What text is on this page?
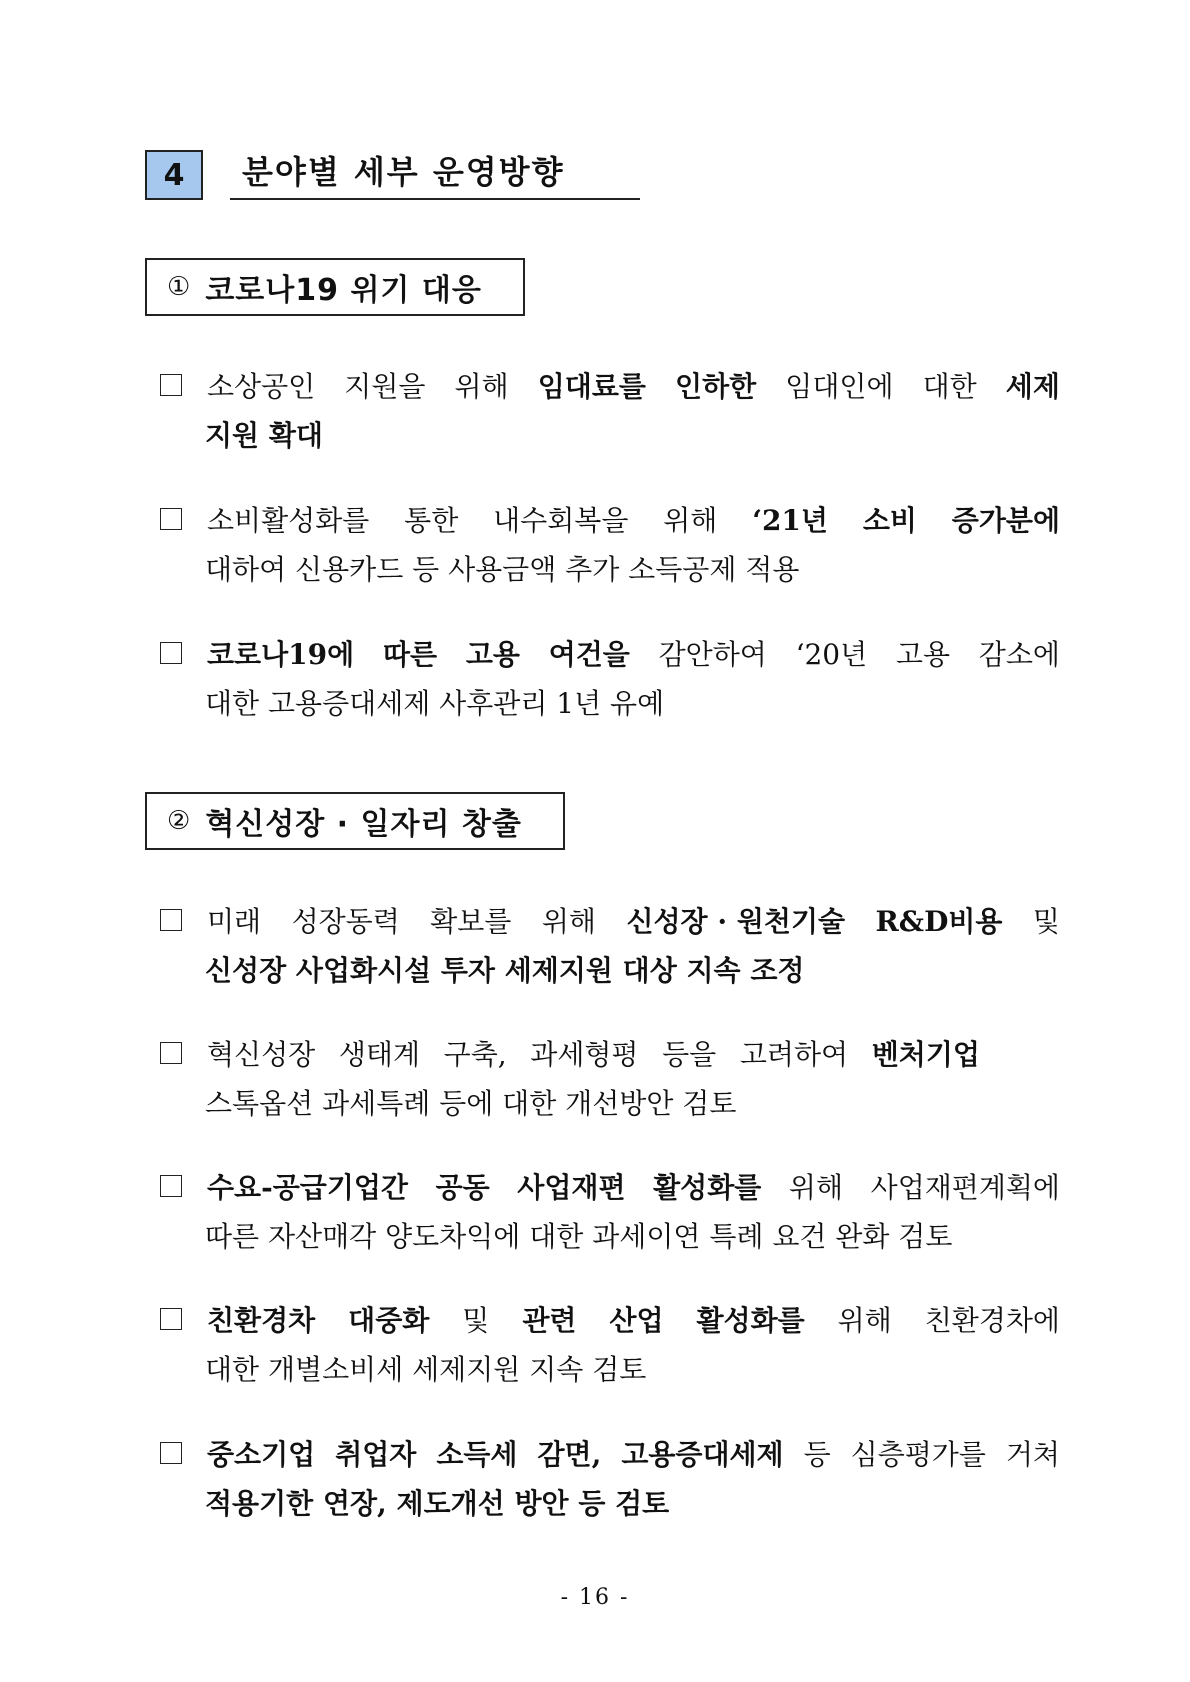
4	분야별 세부 운영방향
① 코로나19 위기 대응
소상공인 지원을 위해 임대료를 인하한 임대인에 대한 세제
지원 확대
소비활성화를 통한 내수회복을 위해 ‘21년 소비 증가분에
대하여 신용카드 등 사용금액 추가 소득공제 적용
코로나19에 따른 고용 여건을 감안하여 ‘20년 고용 감소에
대한 고용증대세제 사후관리 1년 유예
② 혁신성장 · 일자리 창출
미래 성장동력 확보를 위해 신성장 · 원천기술 R&D비용 및
신성장 사업화시설 투자 세제지원 대상 지속 조정
혁신성장 생태계 구축, 과세형평 등을 고려하여 벤처기업
스톡옵션 과세특례 등에 대한 개선방안 검토
수요-공급기업간 공동 사업재편 활성화를 위해 사업재편계획에
따른 자산매각 양도차익에 대한 과세이연 특례 요건 완화 검토
친환경차 대중화 및 관련 산업 활성화를 위해 친환경차에
대한 개별소비세 세제지원 지속 검토
중소기업 취업자 소득세 감면, 고용증대세제 등 심층평가를 거쳐
적용기한 연장, 제도개선 방안 등 검토
- 16 -
